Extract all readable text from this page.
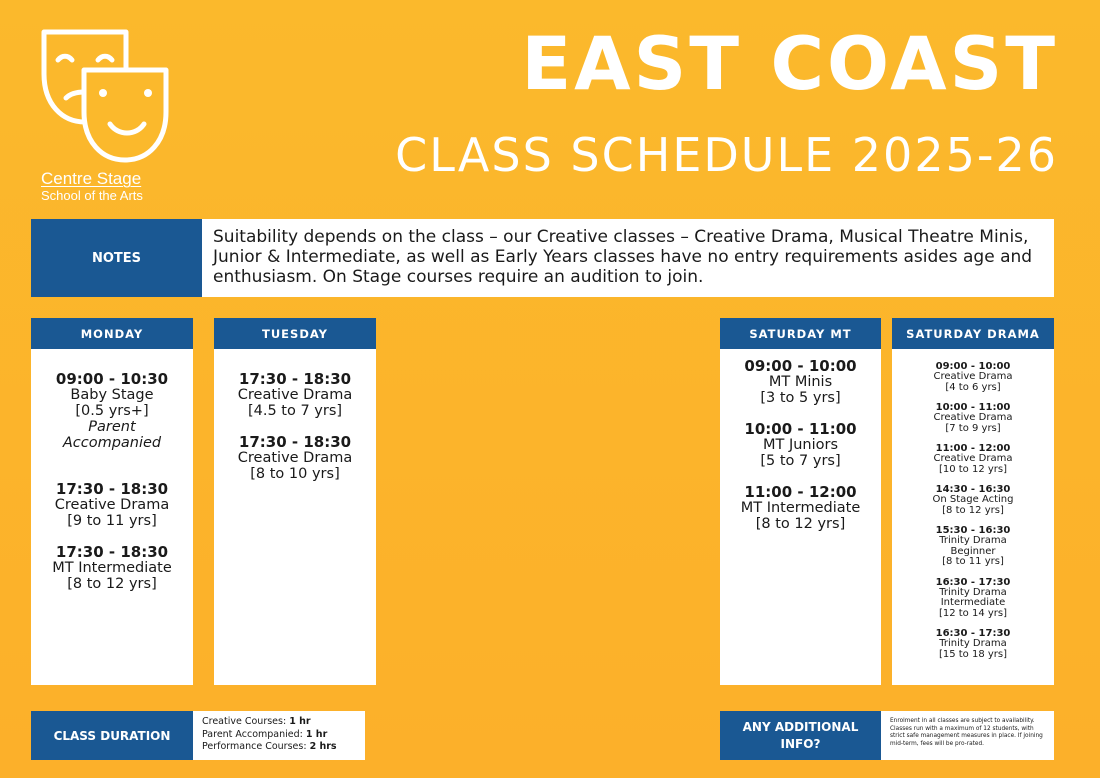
Centre Stage
School of the Arts
EAST COAST
CLASS SCHEDULE 2025-26
NOTES
Suitability depends on the class – our Creative classes – Creative Drama, Musical Theatre Minis, Junior & Intermediate, as well as Early Years classes have no entry requirements asides age and enthusiasm. On Stage courses require an audition to join.
MONDAY
09:00 - 10:30
Baby Stage
[0.5 yrs+]
Parent
Accompanied
17:30 - 18:30
Creative Drama
[9 to 11 yrs]
17:30 - 18:30
MT Intermediate
[8 to 12 yrs]
TUESDAY
17:30 - 18:30
Creative Drama
[4.5 to 7 yrs]
17:30 - 18:30
Creative Drama
[8 to 10 yrs]
SATURDAY MT
09:00 - 10:00
MT Minis
[3 to 5 yrs]
10:00 - 11:00
MT Juniors
[5 to 7 yrs]
11:00 - 12:00
MT Intermediate
[8 to 12 yrs]
SATURDAY DRAMA
09:00 - 10:00
Creative Drama
[4 to 6 yrs]
10:00 - 11:00
Creative Drama
[7 to 9 yrs]
11:00 - 12:00
Creative Drama
[10 to 12 yrs]
14:30 - 16:30
On Stage Acting
[8 to 12 yrs]
15:30 - 16:30
Trinity Drama
Beginner
[8 to 11 yrs]
16:30 - 17:30
Trinity Drama
Intermediate
[12 to 14 yrs]
16:30 - 17:30
Trinity Drama
[15 to 18 yrs]
CLASS DURATION
Creative Courses: 1 hr
Parent Accompanied: 1 hr
Performance Courses: 2 hrs
ANY ADDITIONAL
INFO?
Enrolment in all classes are subject to availability. Classes run with a maximum of 12 students, with strict safe management measures in place. If joining mid-term, fees will be pro-rated.
